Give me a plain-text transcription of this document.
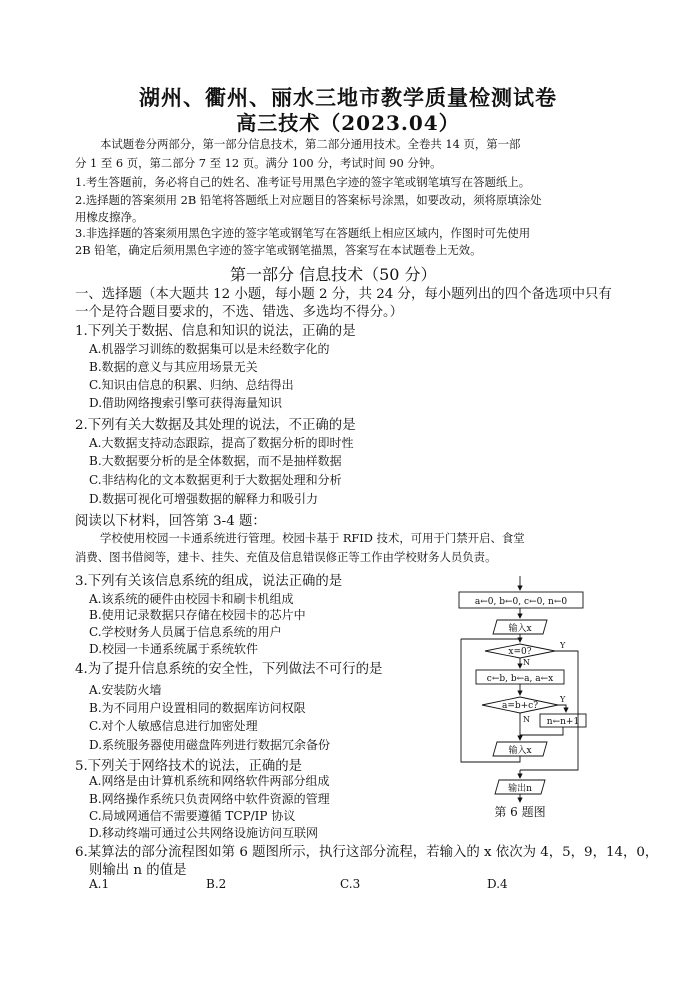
湖州、衢州、丽水三地市教学质量检测试卷
高三技术（2023.04）
本试题卷分两部分，第一部分信息技术，第二部分通用技术。全卷共 14 页，第一部
分 1 至 6 页，第二部分 7 至 12 页。满分 100 分，考试时间 90 分钟。
1.考生答题前，务必将自己的姓名、准考证号用黑色字迹的签字笔或钢笔填写在答题纸上。
2.选择题的答案须用 2B 铅笔将答题纸上对应题目的答案标号涂黑，如要改动，须将原填涂处
用橡皮擦净。
3.非选择题的答案须用黑色字迹的签字笔或钢笔写在答题纸上相应区域内，作图时可先使用
2B 铅笔，确定后须用黑色字迹的签字笔或钢笔描黑，答案写在本试题卷上无效。
第一部分 信息技术（50 分）
一、选择题（本大题共 12 小题，每小题 2 分，共 24 分，每小题列出的四个备选项中只有
一个是符合题目要求的，不选、错选、多选均不得分。）
1.下列关于数据、信息和知识的说法，正确的是
A.机器学习训练的数据集可以是未经数字化的
B.数据的意义与其应用场景无关
C.知识由信息的积累、归纳、总结得出
D.借助网络搜索引擎可获得海量知识
2.下列有关大数据及其处理的说法，不正确的是
A.大数据支持动态跟踪，提高了数据分析的即时性
B.大数据要分析的是全体数据，而不是抽样数据
C.非结构化的文本数据更利于大数据处理和分析
D.数据可视化可增强数据的解释力和吸引力
阅读以下材料，回答第 3-4 题：
学校使用校园一卡通系统进行管理。校园卡基于 RFID 技术，可用于门禁开启、食堂
消费、图书借阅等，建卡、挂失、充值及信息错误修正等工作由学校财务人员负责。
3.下列有关该信息系统的组成，说法正确的是
A.该系统的硬件由校园卡和刷卡机组成
B.使用记录数据只存储在校园卡的芯片中
C.学校财务人员属于信息系统的用户
D.校园一卡通系统属于系统软件
4.为了提升信息系统的安全性，下列做法不可行的是
A.安装防火墙
B.为不同用户设置相同的数据库访问权限
C.对个人敏感信息进行加密处理
D.系统服务器使用磁盘阵列进行数据冗余备份
5.下列关于网络技术的说法，正确的是
A.网络是由计算机系统和网络软件两部分组成
B.网络操作系统只负责网络中软件资源的管理
C.局域网通信不需要遵循 TCP/IP 协议
D.移动终端可通过公共网络设施访问互联网
6.某算法的部分流程图如第 6 题图所示，执行这部分流程，若输入的 x 依次为 4，5，9，14，0，
则输出 n 的值是
A.1	B.2	C.3	D.4
a←0, b←0, c←0, n←0
输入x
x=0?
Y
N
c←b, b←a, a←x
a=b+c?
Y
n←n+1
N
输入x
输出n
第 6 题图
